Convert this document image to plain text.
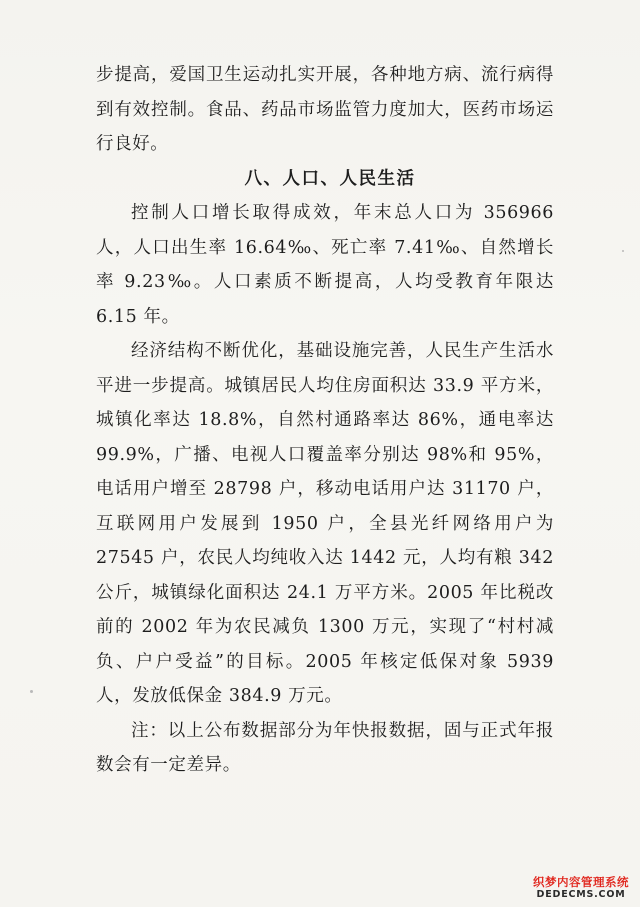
步提高，爱国卫生运动扎实开展，各种地方病、流行病得到有效控制。食品、药品市场监管力度加大，医药市场运行良好。

八、人口、人民生活

控制人口增长取得成效，年末总人口为 356966 人，人口出生率 16.64‰、死亡率 7.41‰、自然增长率 9.23‰。人口素质不断提高，人均受教育年限达 6.15 年。

经济结构不断优化，基础设施完善，人民生产生活水平进一步提高。城镇居民人均住房面积达 33.9 平方米，城镇化率达 18.8%，自然村通路率达 86%，通电率达 99.9%，广播、电视人口覆盖率分别达 98%和 95%，电话用户增至 28798 户，移动电话用户达 31170 户，互联网用户发展到 1950 户，全县光纤网络用户为 27545 户，农民人均纯收入达 1442 元，人均有粮 342 公斤，城镇绿化面积达 24.1 万平方米。2005 年比税改前的 2002 年为农民减负 1300 万元，实现了“村村减负、户户受益”的目标。2005 年核定低保对象 5939 人，发放低保金 384.9 万元。

注：以上公布数据部分为年快报数据，固与正式年报数会有一定差异。

织梦内容管理系统
DEDECMS.COM
